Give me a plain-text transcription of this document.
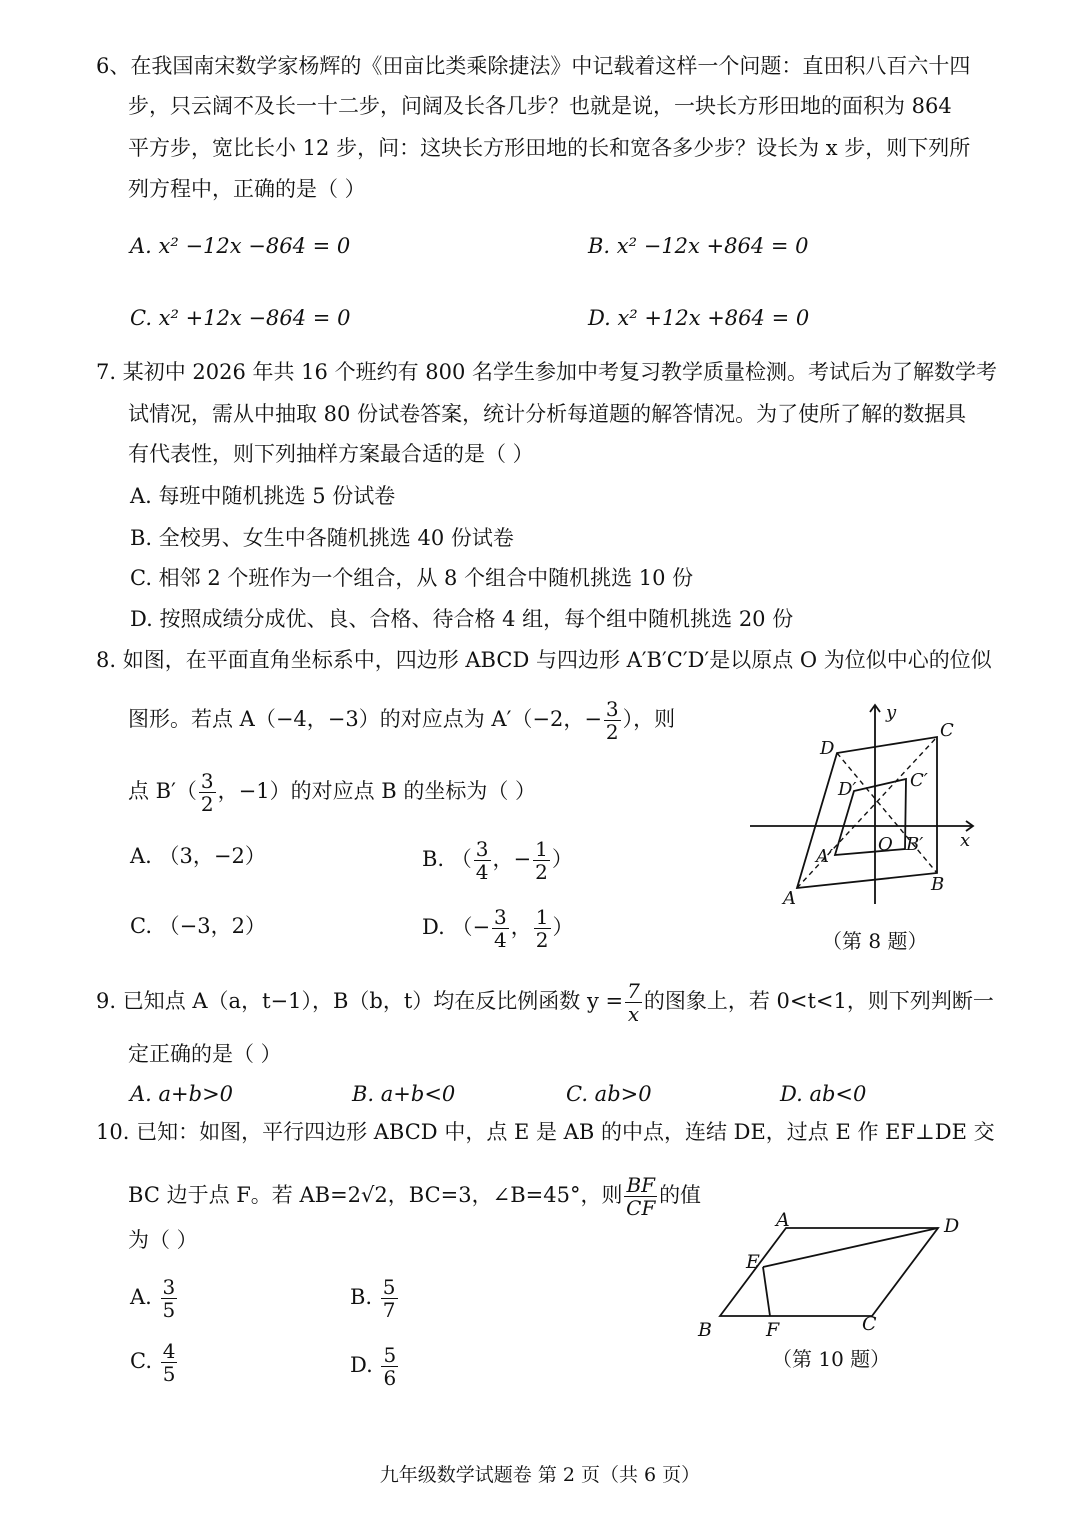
6、在我国南宋数学家杨辉的《田亩比类乘除捷法》中记载着这样一个问题：直田积八百六十四
步，只云阔不及长一十二步，问阔及长各几步？也就是说，一块长方形田地的面积为 864
平方步，宽比长小 12 步，问：这块长方形田地的长和宽各多少步？设长为 x 步，则下列所
列方程中，正确的是（ ）
A. x² −12x −864 = 0	B. x² −12x +864 = 0
C. x² +12x −864 = 0	D. x² +12x +864 = 0
7. 某初中 2026 年共 16 个班约有 800 名学生参加中考复习教学质量检测。考试后为了解数学考
试情况，需从中抽取 80 份试卷答案，统计分析每道题的解答情况。为了使所了解的数据具
有代表性，则下列抽样方案最合适的是（ ）
A. 每班中随机挑选 5 份试卷
B. 全校男、女生中各随机挑选 40 份试卷
C. 相邻 2 个班作为一个组合，从 8 个组合中随机挑选 10 份
D. 按照成绩分成优、良、合格、待合格 4 组，每个组中随机挑选 20 份
8. 如图，在平面直角坐标系中，四边形 ABCD 与四边形 A′B′C′D′是以原点 O 为位似中心的位似
图形。若点 A（−4，−3）的对应点为 A′（−2，− $\frac{3}{2}$ ），则
点 $B'( \frac{3}{2}$ ，−1）的对应点 B 的坐标为（ ）
A. （3，−2）	B. （ $\frac{3}{4}$ ，− $\frac{1}{2}$ ）
C. （−3，2）	D. （− $\frac{3}{4}$ ， $\frac{1}{2}$ ）
y
x
D
C
D′	C′
A′
O B′
B
A
（第 8 题）
9. 已知点 A（a，t−1），B（b，t）均在反比例函数 $y = \frac{7}{x}$ 的图象上，若 0<t<1，则下列判断一
定正确的是（ ）
A. a+b>0	B. a+b<0	C. ab>0	D. ab<0
10. 已知：如图，平行四边形 ABCD 中，点 E 是 AB 的中点，连结 DE，过点 E 作 EF⊥DE 交
BC 边于点 F。若 AB=2√2，BC=3，∠B=45°，则 $\frac{BF}{CF}$ 的值
为（ ）
A. $\frac{3}{5}$	B. $\frac{5}{7}$
C. $\frac{4}{5}$	D. $\frac{5}{6}$
A	D
E
B	F	C
（第 10 题）
九年级数学试题卷 第 2 页（共 6 页）
